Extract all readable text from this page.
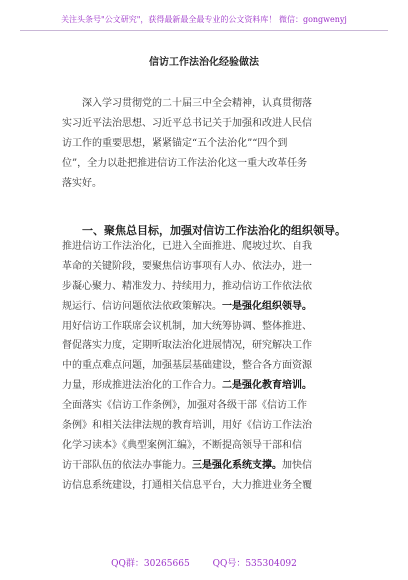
关注头条号"公文研究"，获得最新最全最专业的公文资料库！ 微信：gongwenyj
信访工作法治化经验做法
深入学习贯彻党的二十届三中全会精神，认真贯彻落
实习近平法治思想、习近平总书记关于加强和改进人民信
访工作的重要思想，紧紧锚定“五个法治化”“四个到
位”，全力以赴把推进信访工作法治化这一重大改革任务
落实好。
一、聚焦总目标，加强对信访工作法治化的组织领导。
推进信访工作法治化，已进入全面推进、爬坡过坎、自我
革命的关键阶段，要聚焦信访事项有人办、依法办，进一
步凝心聚力、精准发力、持续用力，推动信访工作依法依
规运行、信访问题依法依政策解决。一是强化组织领导。
用好信访工作联席会议机制，加大统筹协调、整体推进、
督促落实力度，定期听取法治化进展情况，研究解决工作
中的重点难点问题，加强基层基础建设，整合各方面资源
力量，形成推进法治化的工作合力。二是强化教育培训。
全面落实《信访工作条例》，加强对各级干部《信访工作
条例》和相关法律法规的教育培训，用好《信访工作法治
化学习读本》《典型案例汇编》，不断提高领导干部和信
访干部队伍的依法办事能力。三是强化系统支撑。加快信
访信息系统建设，打通相关信息平台，大力推进业务全覆
QQ群：30265665	QQ号：535304092
